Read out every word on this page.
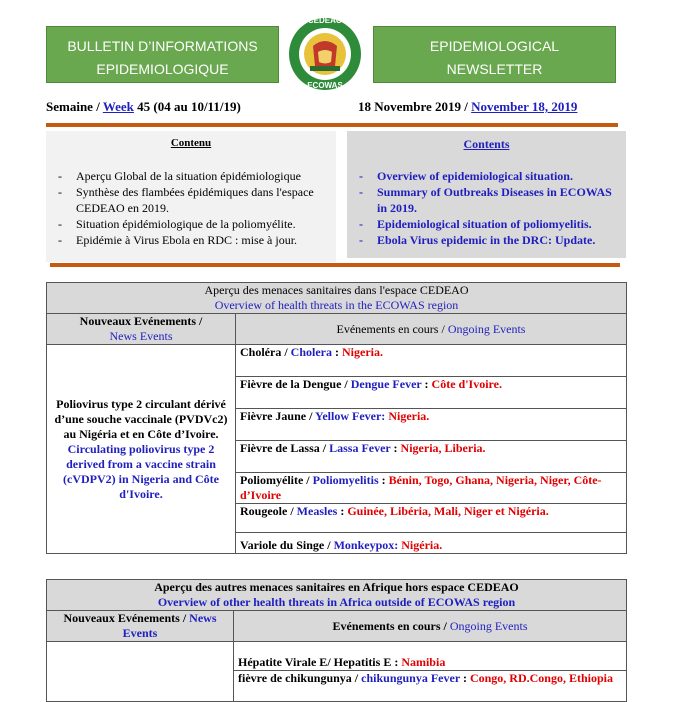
BULLETIN D’INFORMATIONS
EPIDEMIOLOGIQUE
CEDEAO
ECOWAS
EPIDEMIOLOGICAL
NEWSLETTER
Semaine / Week 45 (04 au 10/11/19)	18 Novembre 2019 / November 18, 2019
Contenu
- Aperçu Global de la situation épidémiologique
- Synthèse des flambées épidémiques dans l'espace CEDEAO en 2019.
- Situation épidémiologique de la poliomyélite.
- Epidémie à Virus Ebola en RDC : mise à jour.
Contents
- Overview of epidemiological situation.
- Summary of Outbreaks Diseases in ECOWAS in 2019.
- Epidemiological situation of poliomyelitis.
- Ebola Virus epidemic in the DRC: Update.
Aperçu des menaces sanitaires dans l'espace CEDEAO
Overview of health threats in the ECOWAS region	

Nouveaux Evénements /
News Events	Evénements en cours / Ongoing Events

Poliovirus type 2 circulant dérivé d’une souche vaccinale (PVDVc2) au Nigéria et en Côte d’Ivoire.
Circulating poliovirus type 2 derived from a vaccine strain (cVDPV2) in Nigeria and Côte d'Ivoire.	Choléra / Cholera : Nigeria.
	Fièvre de la Dengue / Dengue Fever : Côte d'Ivoire.
	Fièvre Jaune / Yellow Fever: Nigeria.
	Fièvre de Lassa / Lassa Fever : Nigeria, Liberia.
	Poliomyélite / Poliomyelitis : Bénin, Togo, Ghana, Nigeria, Niger, Côte-d’Ivoire
	Rougeole / Measles : Guinée, Libéria, Mali, Niger et Nigéria.
	Variole du Singe / Monkeypox: Nigéria.
Aperçu des autres menaces sanitaires en Afrique hors espace CEDEAO
Overview of other health threats in Africa outside of ECOWAS region	

Nouveaux Evénements / News Events	Evénements en cours / Ongoing Events
	Hépatite Virale E/ Hepatitis E : Namibia
	fièvre de chikungunya / chikungunya Fever : Congo, RD.Congo, Ethiopia
